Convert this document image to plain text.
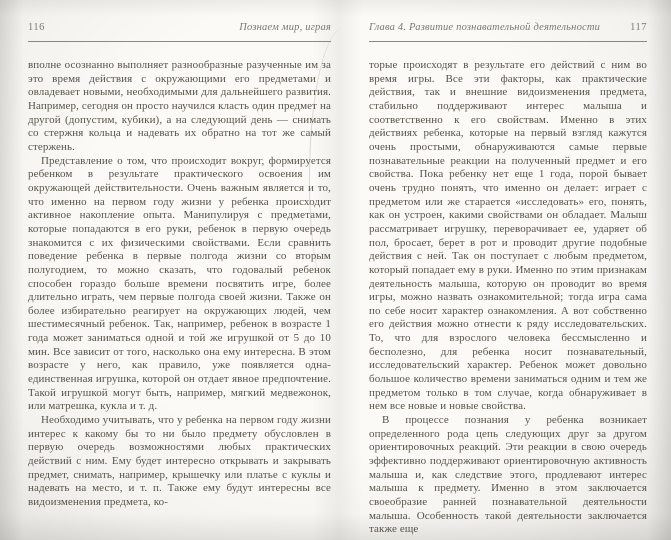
116	Познаем мир, играя

вполне осознанно выполняет разнообразные разученные им за это время действия с окружающими его предметами и овладевает новыми, необходимыми для дальнейшего развития. Например, сегодня он просто научился класть один предмет на другой (допустим, кубики), а на следующий день — снимать со стержня кольца и надевать их обратно на тот же самый стержень.

Представление о том, что происходит вокруг, формируется ребенком в результате практического освоения им окружающей действительности. Очень важным является и то, что именно на первом году жизни у ребенка происходит активное накопление опыта. Манипулируя с предметами, которые попадаются в его руки, ребенок в первую очередь знакомится с их физическими свойствами. Если сравнить поведение ребенка в первые полгода жизни со вторым полугодием, то можно сказать, что годовалый ребенок способен гораздо больше времени посвятить игре, более длительно играть, чем первые полгода своей жизни. Также он более избирательно реагирует на окружающих людей, чем шестимесячный ребенок. Так, например, ребенок в возрасте 1 года может заниматься одной и той же игрушкой от 5 до 10 мин. Все зависит от того, насколько она ему интересна. В этом возрасте у него, как правило, уже появляется одна-единственная игрушка, которой он отдает явное предпочтение. Такой игрушкой могут быть, например, мягкий медвежонок, или матрешка, кукла и т. д.

Необходимо учитывать, что у ребенка на первом году жизни интерес к какому бы то ни было предмету обусловлен в первую очередь возможностями любых практических действий с ним. Ему будет интересно открывать и закрывать предмет, снимать, например, крышечку или платье с куклы и надевать на место, и т. п. Также ему будут интересны все видоизменения предмета, ко-

Глава 4. Развитие познавательной деятельности	117

торые происходят в результате его действий с ним во время игры. Все эти факторы, как практические действия, так и внешние видоизменения предмета, стабильно поддерживают интерес малыша и соответственно к его свойствам. Именно в этих действиях ребенка, которые на первый взгляд кажутся очень простыми, обнаруживаются самые первые познавательные реакции на полученный предмет и его свойства. Пока ребенку нет еще 1 года, порой бывает очень трудно понять, что именно он делает: играет с предметом или же старается «исследовать» его, понять, как он устроен, какими свойствами он обладает. Малыш рассматривает игрушку, переворачивает ее, ударяет об пол, бросает, берет в рот и проводит другие подобные действия с ней. Так он поступает с любым предметом, который попадает ему в руки. Именно по этим признакам деятельность малыша, которую он проводит во время игры, можно назвать ознакомительной; тогда игра сама по себе носит характер ознакомления. А вот собственно его действия можно отнести к ряду исследовательских. То, что для взрослого человека бессмысленно и бесполезно, для ребенка носит познавательный, исследовательский характер. Ребенок может довольно большое количество времени заниматься одним и тем же предметом только в том случае, когда обнаруживает в нем все новые и новые свойства.

В процессе познания у ребенка возникает определенного рода цепь следующих друг за другом ориентировочных реакций. Эти реакции в свою очередь эффективно поддерживают ориентировочную активность малыша и, как следствие этого, продлевают интерес малыша к предмету. Именно в этом заключается своеобразие ранней познавательной деятельности малыша. Особенность такой деятельности заключается также еще
